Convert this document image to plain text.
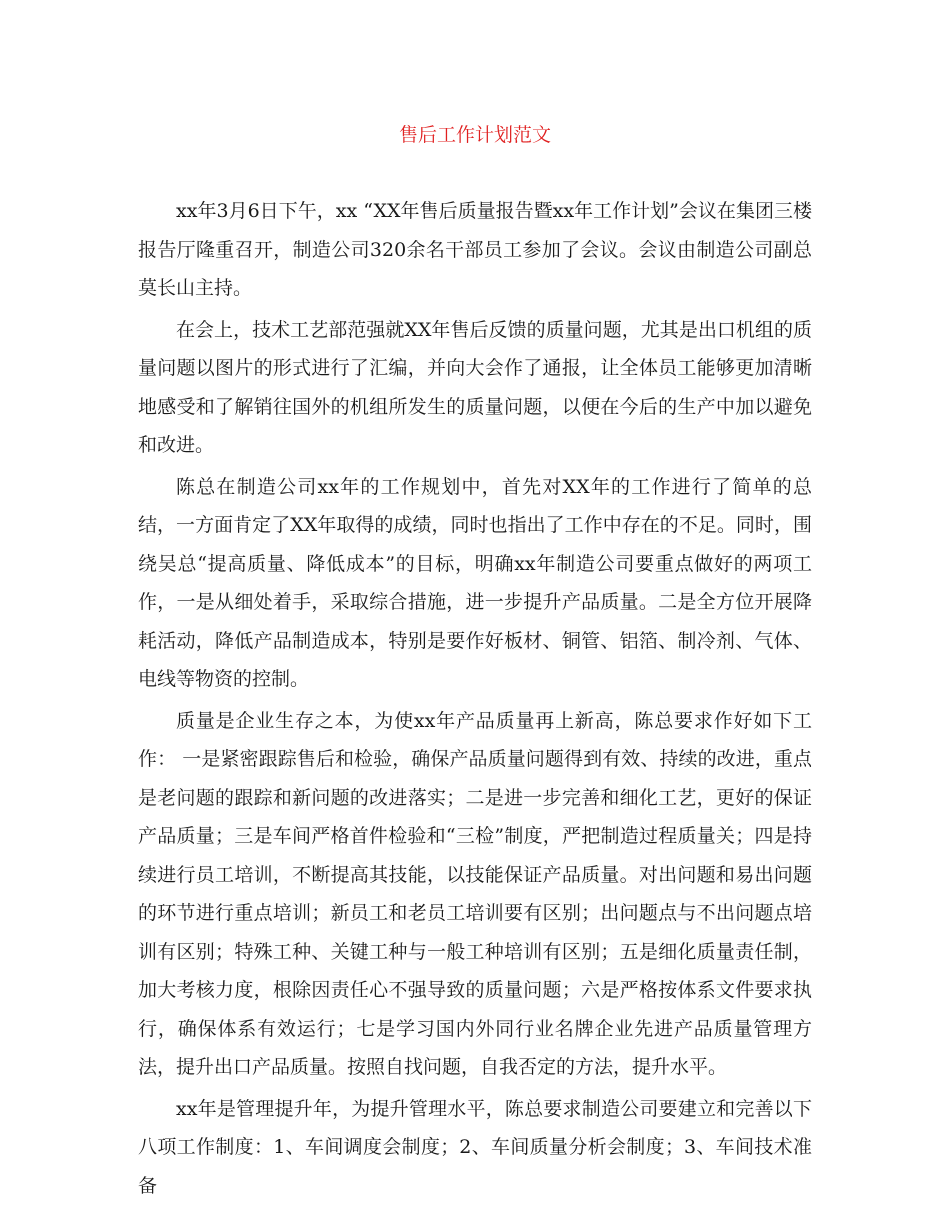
售后工作计划范文

xx年3月6日下午，xx “XX年售后质量报告暨xx年工作计划”会议在集团三楼报告厅隆重召开，制造公司320余名干部员工参加了会议。会议由制造公司副总莫长山主持。

在会上，技术工艺部范强就XX年售后反馈的质量问题，尤其是出口机组的质量问题以图片的形式进行了汇编，并向大会作了通报，让全体员工能够更加清晰地感受和了解销往国外的机组所发生的质量问题，以便在今后的生产中加以避免和改进。

陈总在制造公司xx年的工作规划中，首先对XX年的工作进行了简单的总结，一方面肯定了XX年取得的成绩，同时也指出了工作中存在的不足。同时，围绕吴总“提高质量、降低成本”的目标，明确xx年制造公司要重点做好的两项工作，一是从细处着手，采取综合措施，进一步提升产品质量。二是全方位开展降耗活动，降低产品制造成本，特别是要作好板材、铜管、铝箔、制冷剂、气体、电线等物资的控制。

质量是企业生存之本，为使xx年产品质量再上新高，陈总要求作好如下工作： 一是紧密跟踪售后和检验，确保产品质量问题得到有效、持续的改进，重点是老问题的跟踪和新问题的改进落实；二是进一步完善和细化工艺，更好的保证产品质量；三是车间严格首件检验和“三检”制度，严把制造过程质量关；四是持续进行员工培训，不断提高其技能，以技能保证产品质量。对出问题和易出问题的环节进行重点培训；新员工和老员工培训要有区别；出问题点与不出问题点培训有区别；特殊工种、关键工种与一般工种培训有区别；五是细化质量责任制，加大考核力度，根除因责任心不强导致的质量问题；六是严格按体系文件要求执行，确保体系有效运行；七是学习国内外同行业名牌企业先进产品质量管理方法，提升出口产品质量。按照自找问题，自我否定的方法，提升水平。

xx年是管理提升年，为提升管理水平，陈总要求制造公司要建立和完善以下八项工作制度：1、车间调度会制度；2、车间质量分析会制度；3、车间技术准备
